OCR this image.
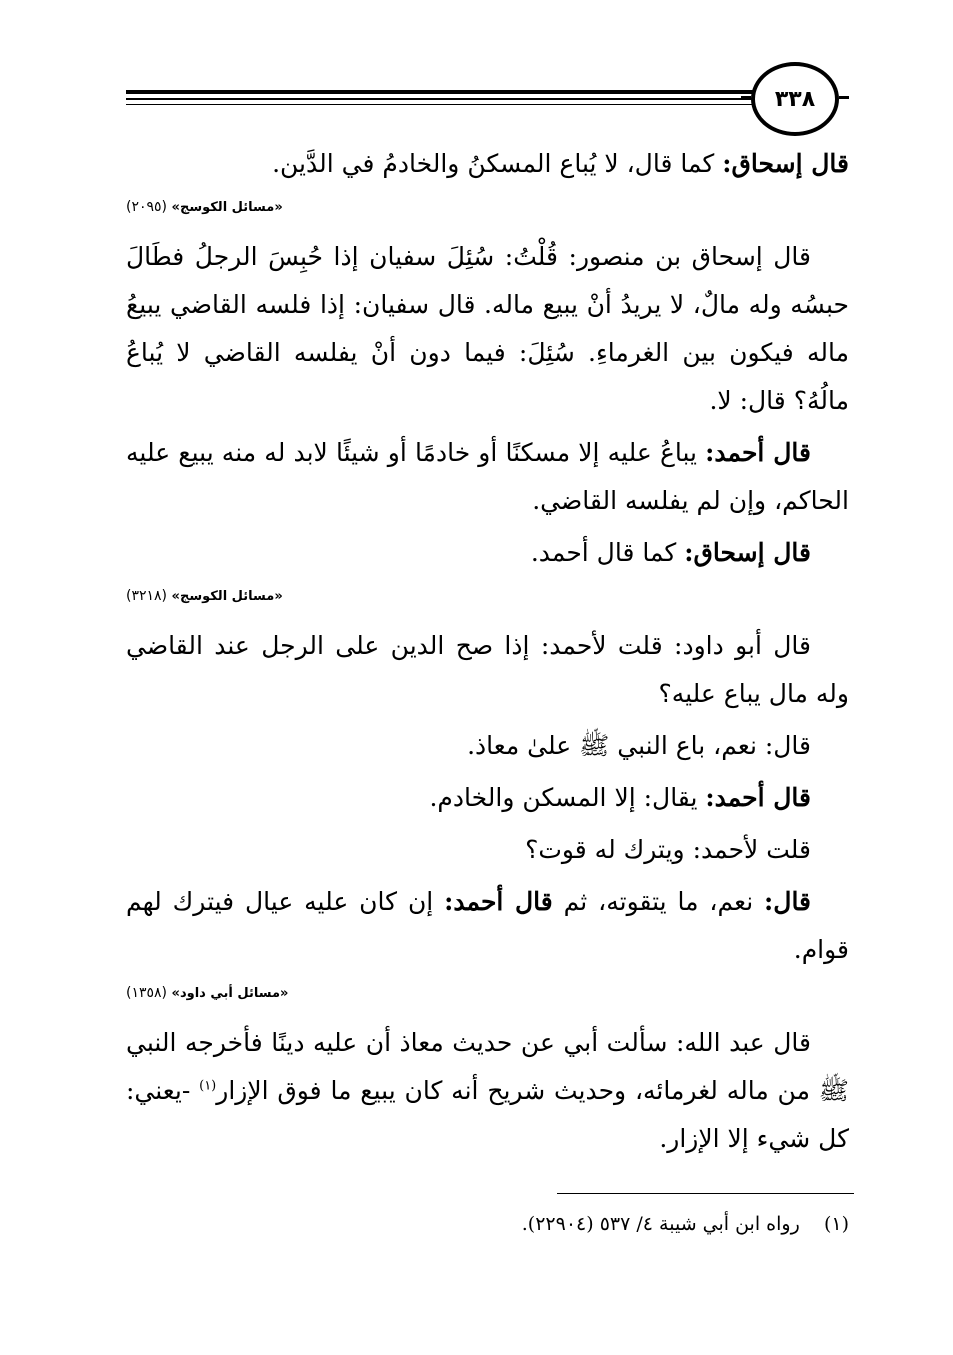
٣٣٨

قال إسحاق: كما قال، لا يُباع المسكنُ والخادمُ في الدَّين.

«مسائل الكوسج» (٢٠٩٥)

قال إسحاق بن منصور: قُلْتُ: سُئِلَ سفيان إذا حُبِسَ الرجلُ فطَالَ حبسُه وله مالٌ، لا يريدُ أنْ يبيع ماله. قال سفيان: إذا فلسه القاضي يبيعُ ماله فيكون بين الغرماءِ. سُئِلَ: فيما دون أنْ يفلسه القاضي لا يُباعُ مالُهُ؟ قال: لا.

قال أحمد: يباعُ عليه إلا مسكنًا أو خادمًا أو شيئًا لابد له منه يبيع عليه الحاكم، وإن لم يفلسه القاضي.

قال إسحاق: كما قال أحمد.

«مسائل الكوسج» (٣٢١٨)

قال أبو داود: قلت لأحمد: إذا صح الدين على الرجل عند القاضي وله مال يباع عليه؟

قال: نعم، باع النبي ﷺ علىٰ معاذ.

قال أحمد: يقال: إلا المسكن والخادم.

قلت لأحمد: ويترك له قوت؟

قال: نعم، ما يتقوته، ثم قال أحمد: إن كان عليه عيال فيترك لهم قوام.

«مسائل أبي داود» (١٣٥٨)

قال عبد الله: سألت أبي عن حديث معاذ أن عليه دينًا فأخرجه النبي ﷺ من ماله لغرمائه، وحديث شريح أنه كان يبيع ما فوق الإزار$^{(١)}$ -يعني: كل شيء إلا الإزار.

(١)    رواه ابن أبي شيبة ٤/ ٥٣٧ (٢٢٩٠٤).
